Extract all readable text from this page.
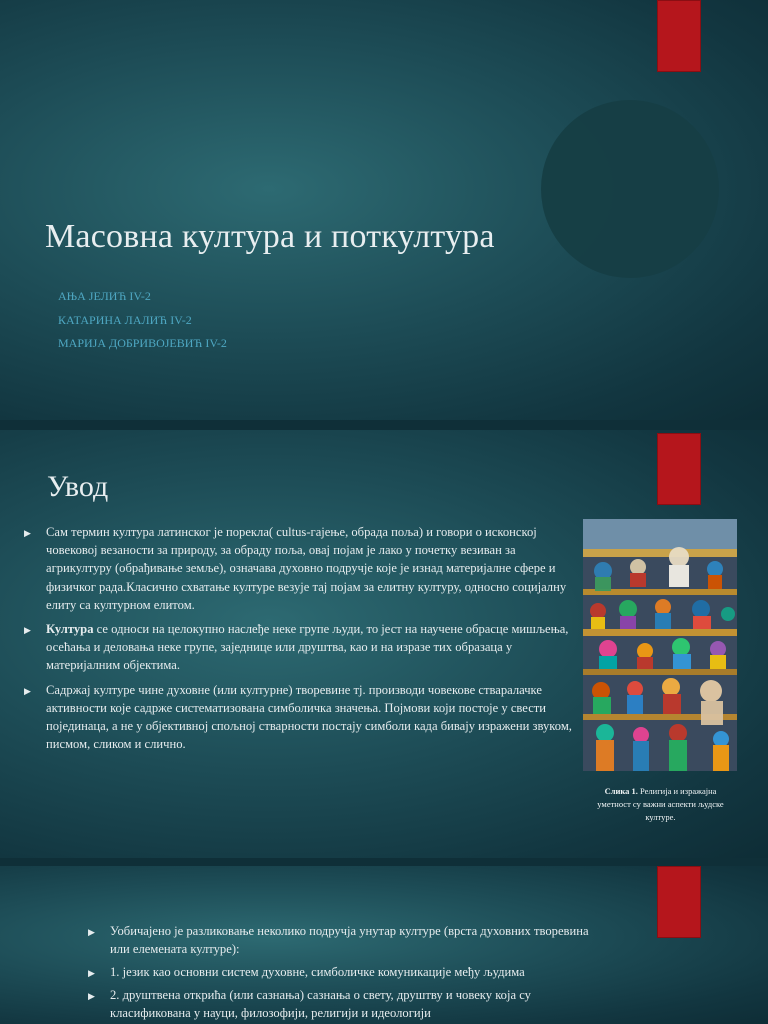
Масовна култура и поткултура
АЊА ЈЕЛИЋ IV-2
КАТАРИНА ЛАЛИЋ IV-2
МАРИЈА ДОБРИВОЈЕВИЋ IV-2
Увод
▶ Сам термин култура латинског је порекла( cultus-гајење, обрада поља) и говори о исконској човековој везаности за природу, за обраду поља, овај појам је лако у почетку везиван за агрикултуру (обрађивање земље), означава духовно подручје које је изнад материјалне сфере и физичког рада.Класично схватање културе везује тај појам за елитну културу, односно социјалну елиту са културном елитом.
▶ Култура се односи на целокупно наслеђе неке групе људи, то јест на научене обрасце мишљења, осећања и деловања неке групе, заједнице или друштва, као и на изразе тих образаца у материјалним објектима.
▶ Садржај културе чине духовне (или културне) творевине тј. производи човекове стваралачке активности које садрже систематизована симболичка значења. Појмови који постоје у свести појединаца, а не у објективној спољној стварности постају симболи када бивају изражени звуком, писмом, сликом и слично.
Слика 1. Религија и изражајна уметност су важни аспекти људске културе.
▶ Уобичајено је разликовање неколико подручја унутар културе (врста духовних творевина или елемената културе):
▶ 1. језик као основни систем духовне, симболичке комуникације међу људима
▶ 2. друштвена открића (или сазнања) сазнања о свету, друштву и човеку која су класификована у науци, филозофији, религији и идеологији
